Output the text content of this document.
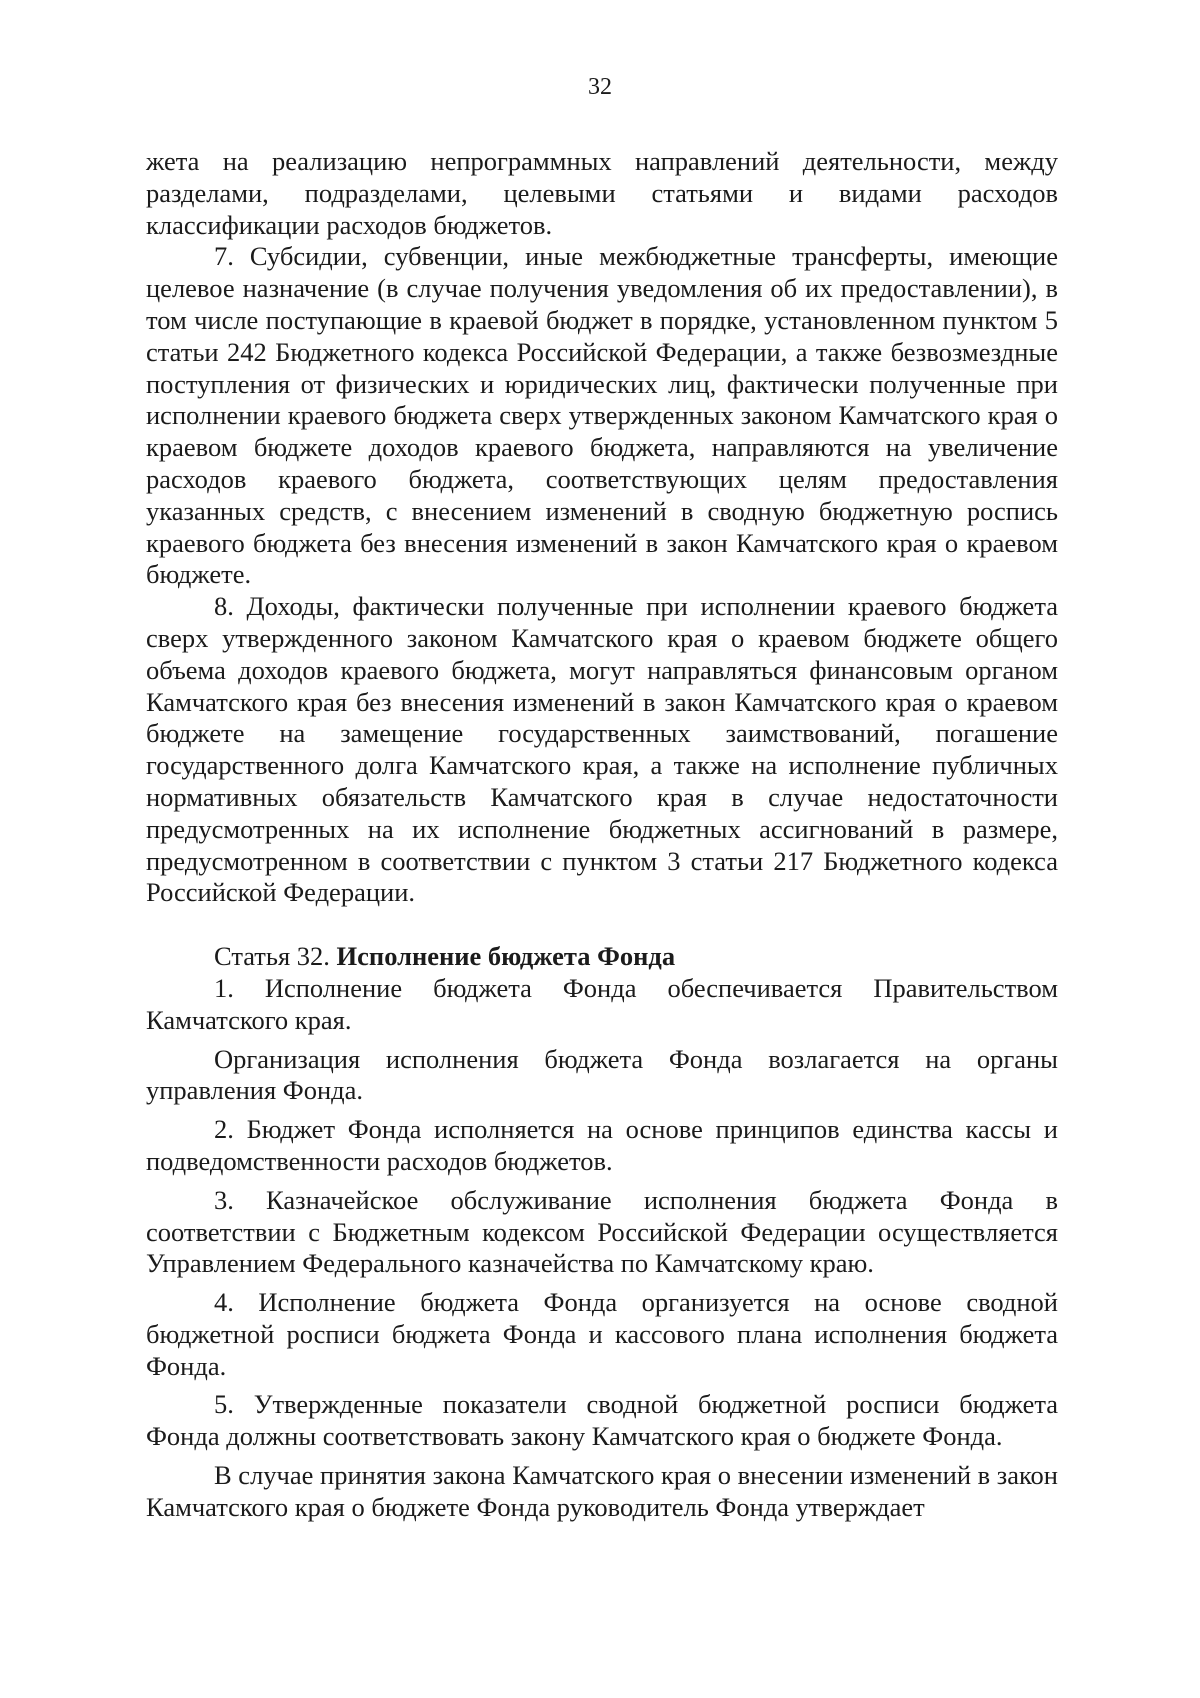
32

жета на реализацию непрограммных направлений деятельности, между разделами, подразделами, целевыми статьями и видами расходов классификации расходов бюджетов.

7. Субсидии, субвенции, иные межбюджетные трансферты, имеющие целевое назначение (в случае получения уведомления об их предоставлении), в том числе поступающие в краевой бюджет в порядке, установленном пунктом 5 статьи 242 Бюджетного кодекса Российской Федерации, а также безвозмездные поступления от физических и юридических лиц, фактически полученные при исполнении краевого бюджета сверх утвержденных законом Камчатского края о краевом бюджете доходов краевого бюджета, направляются на увеличение расходов краевого бюджета, соответствующих целям предоставления указанных средств, с внесением изменений в сводную бюджетную роспись краевого бюджета без внесения изменений в закон Камчатского края о краевом бюджете.

8. Доходы, фактически полученные при исполнении краевого бюджета сверх утвержденного законом Камчатского края о краевом бюджете общего объема доходов краевого бюджета, могут направляться финансовым органом Камчатского края без внесения изменений в закон Камчатского края о краевом бюджете на замещение государственных заимствований, погашение государственного долга Камчатского края, а также на исполнение публичных нормативных обязательств Камчатского края в случае недостаточности предусмотренных на их исполнение бюджетных ассигнований в размере, предусмотренном в соответствии с пунктом 3 статьи 217 Бюджетного кодекса Российской Федерации.

Статья 32. Исполнение бюджета Фонда

1. Исполнение бюджета Фонда обеспечивается Правительством Камчатского края.

Организация исполнения бюджета Фонда возлагается на органы управления Фонда.

2. Бюджет Фонда исполняется на основе принципов единства кассы и подведомственности расходов бюджетов.

3. Казначейское обслуживание исполнения бюджета Фонда в соответствии с Бюджетным кодексом Российской Федерации осуществляется Управлением Федерального казначейства по Камчатскому краю.

4. Исполнение бюджета Фонда организуется на основе сводной бюджетной росписи бюджета Фонда и кассового плана исполнения бюджета Фонда.

5. Утвержденные показатели сводной бюджетной росписи бюджета Фонда должны соответствовать закону Камчатского края о бюджете Фонда.

В случае принятия закона Камчатского края о внесении изменений в закон Камчатского края о бюджете Фонда руководитель Фонда утверждает
